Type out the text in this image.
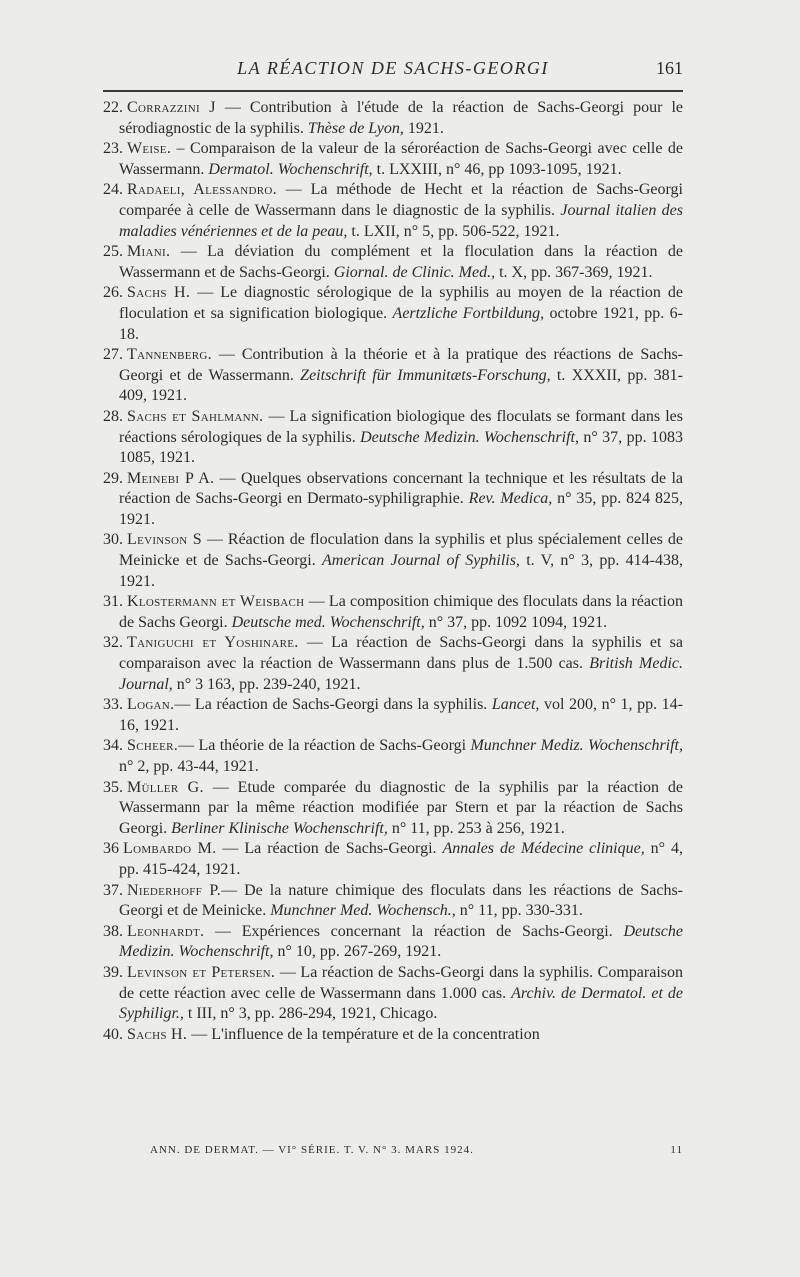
LA RÉACTION DE SACHS-GEORGI	161

22. Corrazzini J — Contribution à l'étude de la réaction de Sachs-Georgi pour le sérodiagnostic de la syphilis. Thèse de Lyon, 1921.

23. Weise. – Comparaison de la valeur de la séroréaction de Sachs-Georgi avec celle de Wassermann. Dermatol. Wochenschrift, t. LXXIII, n° 46, pp 1093-1095, 1921.

24. Radaeli, Alessandro. — La méthode de Hecht et la réaction de Sachs-Georgi comparée à celle de Wassermann dans le diagnostic de la syphilis. Journal italien des maladies vénériennes et de la peau, t. LXII, n° 5, pp. 506-522, 1921.

25. Miani. — La déviation du complément et la floculation dans la réaction de Wassermann et de Sachs-Georgi. Giornal. de Clinic. Med., t. X, pp. 367-369, 1921.

26. Sachs H. — Le diagnostic sérologique de la syphilis au moyen de la réaction de floculation et sa signification biologique. Aertzliche Fortbildung, octobre 1921, pp. 6-18.

27. Tannenberg. — Contribution à la théorie et à la pratique des réactions de Sachs-Georgi et de Wassermann. Zeitschrift für Immunitæts-Forschung, t. XXXII, pp. 381-409, 1921.

28. Sachs et Sahlmann. — La signification biologique des floculats se formant dans les réactions sérologiques de la syphilis. Deutsche Medizin. Wochenschrift, n° 37, pp. 1083 1085, 1921.

29. Meinebi P A. — Quelques observations concernant la technique et les résultats de la réaction de Sachs-Georgi en Dermato-syphiligraphie. Rev. Medica, n° 35, pp. 824 825, 1921.

30. Levinson S — Réaction de floculation dans la syphilis et plus spécialement celles de Meinicke et de Sachs-Georgi. American Journal of Syphilis, t. V, n° 3, pp. 414-438, 1921.

31. Klostermann et Weisbach — La composition chimique des floculats dans la réaction de Sachs Georgi. Deutsche med. Wochenschrift, n° 37, pp. 1092 1094, 1921.

32. Taniguchi et Yoshinare. — La réaction de Sachs-Georgi dans la syphilis et sa comparaison avec la réaction de Wassermann dans plus de 1.500 cas. British Medic. Journal, n° 3 163, pp. 239-240, 1921.

33. Logan.— La réaction de Sachs-Georgi dans la syphilis. Lancet, vol 200, n° 1, pp. 14-16, 1921.

34. Scheer.— La théorie de la réaction de Sachs-Georgi Munchner Mediz. Wochenschrift, n° 2, pp. 43-44, 1921.

35. Müller G. — Etude comparée du diagnostic de la syphilis par la réaction de Wassermann par la même réaction modifiée par Stern et par la réaction de Sachs Georgi. Berliner Klinische Wochenschrift, n° 11, pp. 253 à 256, 1921.

36 Lombardo M. — La réaction de Sachs-Georgi. Annales de Médecine clinique, n° 4, pp. 415-424, 1921.

37. Niederhoff P.— De la nature chimique des floculats dans les réactions de Sachs-Georgi et de Meinicke. Munchner Med. Wochensch., n° 11, pp. 330-331.

38. Leonhardt. — Expériences concernant la réaction de Sachs-Georgi. Deutsche Medizin. Wochenschrift, n° 10, pp. 267-269, 1921.

39. Levinson et Petersen. — La réaction de Sachs-Georgi dans la syphilis. Comparaison de cette réaction avec celle de Wassermann dans 1.000 cas. Archiv. de Dermatol. et de Syphiligr., t III, n° 3, pp. 286-294, 1921, Chicago.

40. Sachs H. — L'influence de la température et de la concentration

ANN. DE DERMAT. — VI° SÉRIE. T. V. N° 3. MARS 1924.	11
